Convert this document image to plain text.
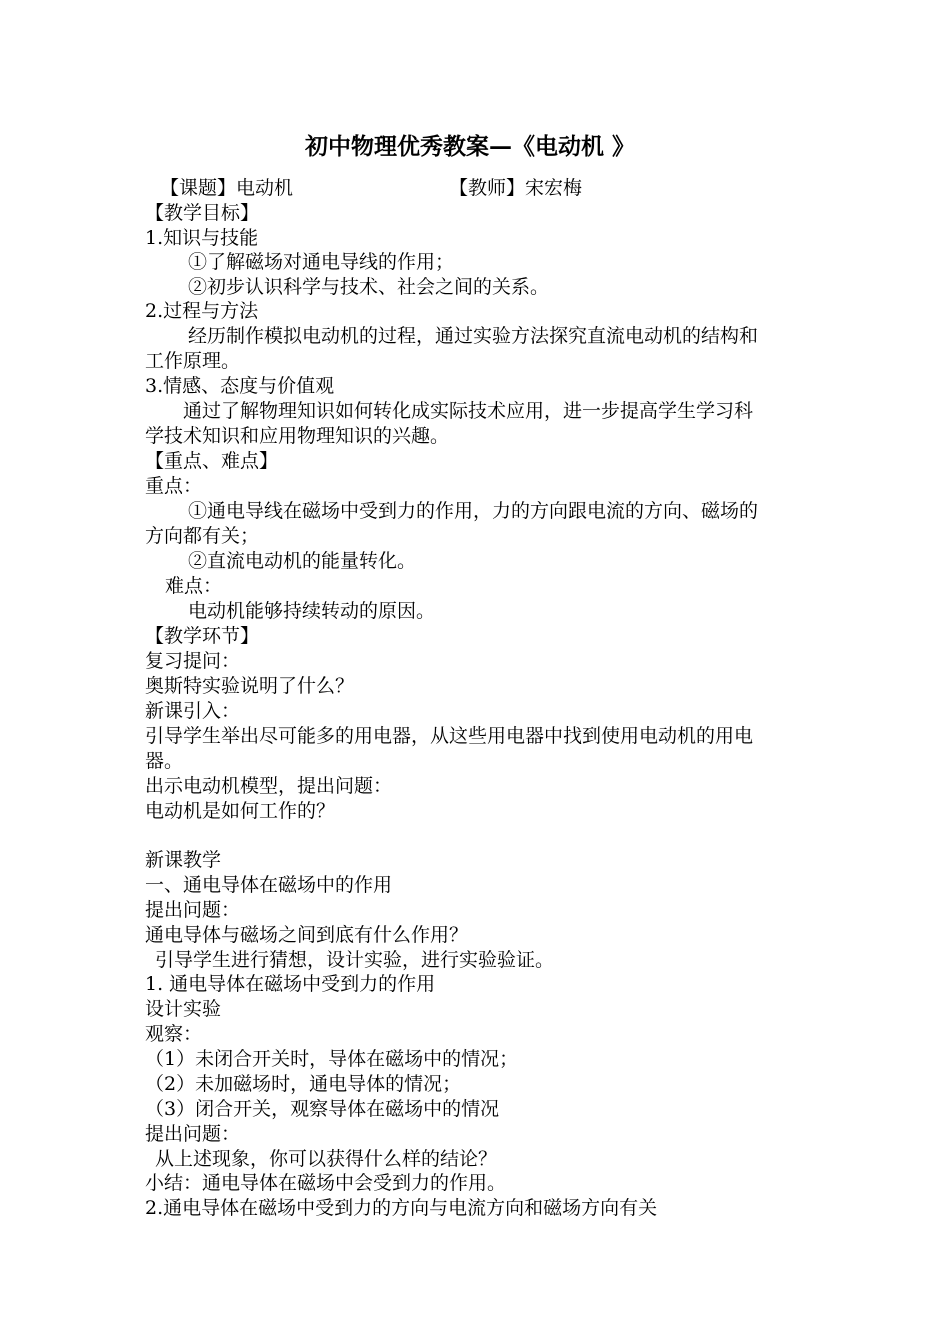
初中物理优秀教案—《电动机 》
【课题】电动机	【教师】宋宏梅
【教学目标】
1.知识与技能
①了解磁场对通电导线的作用；
②初步认识科学与技术、社会之间的关系。
2.过程与方法
经历制作模拟电动机的过程，通过实验方法探究直流电动机的结构和
工作原理。
3.情感、态度与价值观
通过了解物理知识如何转化成实际技术应用，进一步提高学生学习科
学技术知识和应用物理知识的兴趣。
【重点、难点】
重点：
①通电导线在磁场中受到力的作用，力的方向跟电流的方向、磁场的
方向都有关；
②直流电动机的能量转化。
难点：
电动机能够持续转动的原因。
【教学环节】
复习提问：
奥斯特实验说明了什么？
新课引入：
引导学生举出尽可能多的用电器，从这些用电器中找到使用电动机的用电
器。
出示电动机模型，提出问题：
电动机是如何工作的？
新课教学
一、通电导体在磁场中的作用
提出问题：
通电导体与磁场之间到底有什么作用？
引导学生进行猜想，设计实验，进行实验验证。
1. 通电导体在磁场中受到力的作用
设计实验
观察：
（1）未闭合开关时，导体在磁场中的情况；
（2）未加磁场时，通电导体的情况；
（3）闭合开关，观察导体在磁场中的情况
提出问题：
从上述现象，你可以获得什么样的结论？
小结：通电导体在磁场中会受到力的作用。
2.通电导体在磁场中受到力的方向与电流方向和磁场方向有关
